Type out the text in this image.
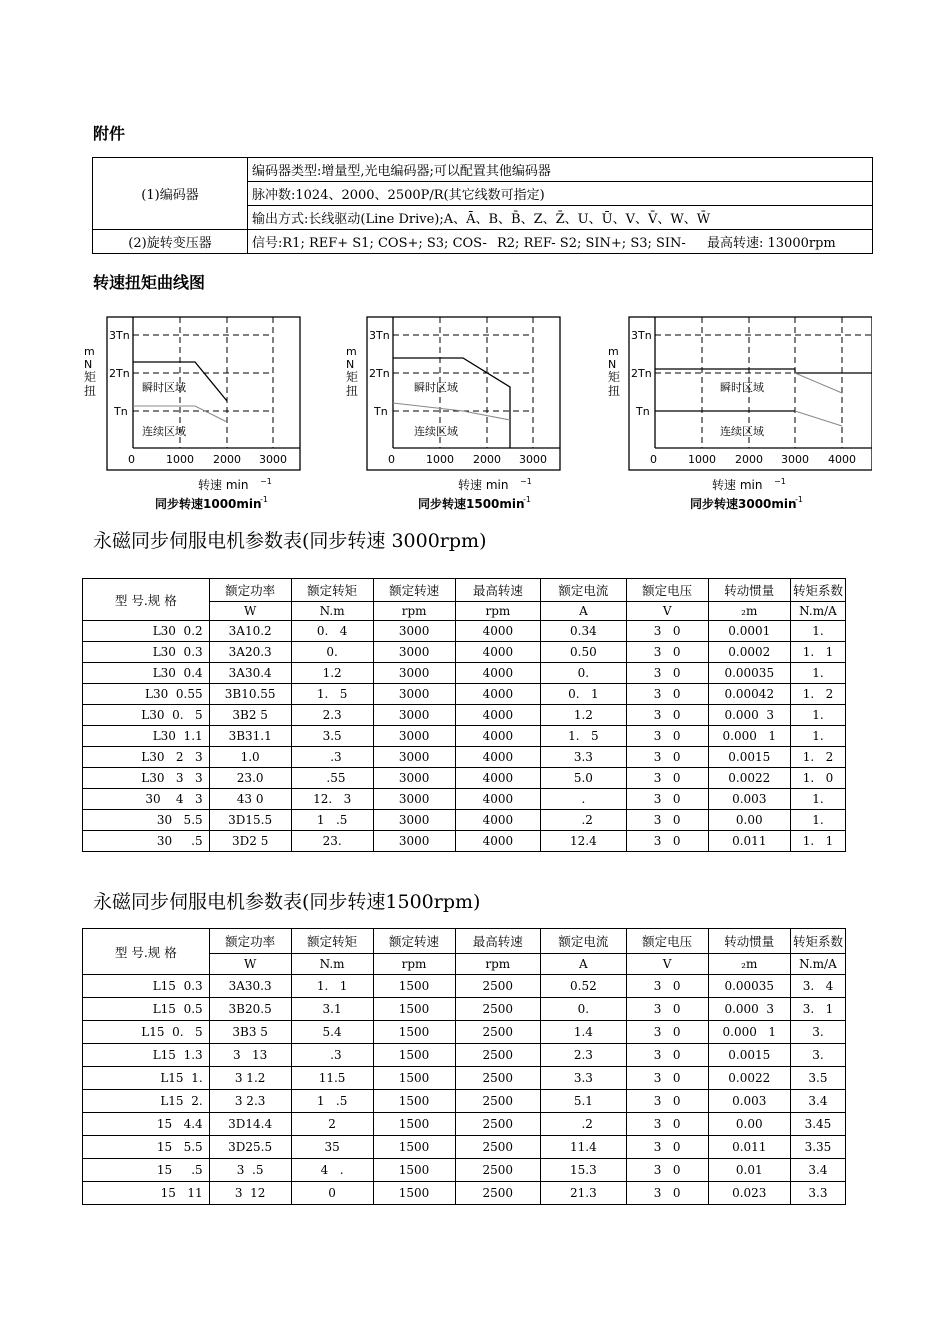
附件
(1)编码器	编码器类型:增量型,光电编码器;可以配置其他编码器
	脉冲数:1024、2000、2500P/R(其它线数可指定)
	输出方式:长线驱动(Line Drive);A、Ā、B、B̄、Z、Z̄、U、Ū、V、V̄、W、W̄
(2)旋转变压器	信号:R1; REF+ S1; COS+; S3; COS- R2; REF- S2; SIN+; S3; SIN- 最高转速: 13000rpm
转速扭矩曲线图
m
N
矩
扭
3Tn
2Tn
Tn
瞬时区域
连续区域
0	1000 2000 3000
转速 min −1
同步转速1000min
-1
m
N
矩
扭
3Tn
2Tn
Tn
瞬时区域
连续区域
0	1000 2000 3000
转速 min −1
同步转速1500min
-1
m
N
矩
扭
3Tn
2Tn
Tn
瞬时区域
连续区域
0	1000 2000 3000 4000
转速 min −1
同步转速3000min
-1
永磁同步伺服电机参数表(同步转速 3000rpm)
型 号.规 格	额定功率	额定转矩	额定转速	最高转速	额定电流	额定电压	转动惯量	转矩系数
	W	N.m	rpm	rpm	A	V	₂m	N.m/A
L30  0.2	3A10.2	0.   4	3000	4000	0.34	3   0	0.0001	1.
L30  0.3	3A20.3	0.	3000	4000	0.50	3   0	0.0002	1.   1
L30  0.4	3A30.4	1.2	3000	4000	0.	3   0	0.00035	1.
L30  0.55	3B10.55	1.   5	3000	4000	0.   1	3   0	0.00042	1.   2
L30  0.   5	3B2 5	2.3	3000	4000	1.2	3   0	0.000  3	1.
L30  1.1	3B31.1	3.5	3000	4000	1.   5	3   0	0.000   1	1.
L30   2   3	1.0	.3	3000	4000	3.3	3   0	0.0015	1.   2
L30   3   3	23.0	.55	3000	4000	5.0	3   0	0.0022	1.   0
30    4   3	43 0	12.   3	3000	4000	.	3   0	0.003	1.
30   5.5	3D15.5	1   .5	3000	4000	.2	3   0	0.00	1.
30     .5	3D2 5	23.	3000	4000	12.4	3   0	0.011	1.   1
永磁同步伺服电机参数表(同步转速1500rpm)
型 号.规 格	额定功率	额定转矩	额定转速	最高转速	额定电流	额定电压	转动惯量	转矩系数
	W	N.m	rpm	rpm	A	V	₂m	N.m/A
L15  0.3	3A30.3	1.   1	1500	2500	0.52	3   0	0.00035	3.   4
L15  0.5	3B20.5	3.1	1500	2500	0.	3   0	0.000  3	3.   1
L15  0.   5	3B3 5	5.4	1500	2500	1.4	3   0	0.000   1	3.
L15  1.3	3   13	.3	1500	2500	2.3	3   0	0.0015	3.
L15  1.	3 1.2	11.5	1500	2500	3.3	3   0	0.0022	3.5
L15  2.	3 2.3	1   .5	1500	2500	5.1	3   0	0.003	3.4
15   4.4	3D14.4	2	1500	2500	.2	3   0	0.00	3.45
15   5.5	3D25.5	35	1500	2500	11.4	3   0	0.011	3.35
15     .5	3  .5	4   .	1500	2500	15.3	3   0	0.01	3.4
15   11	3  12	0	1500	2500	21.3	3   0	0.023	3.3
